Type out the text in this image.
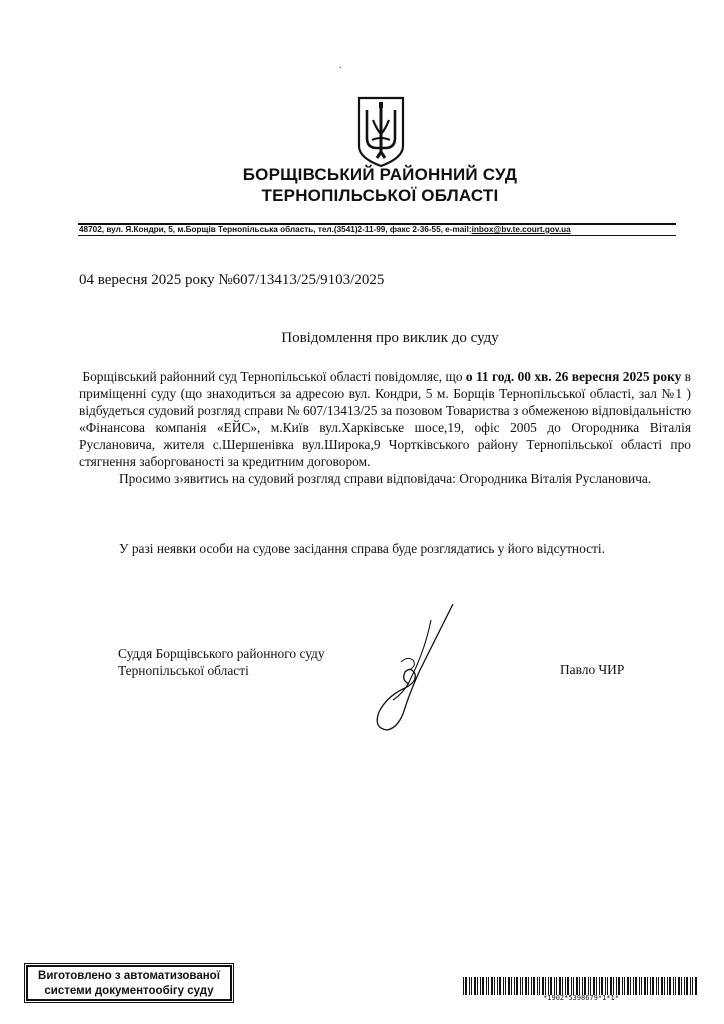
.
БОРЩІВСЬКИЙ РАЙОННИЙ СУД
ТЕРНОПІЛЬСЬКОЇ ОБЛАСТІ
48702, вул. Я.Кондри, 5, м.Борщів Тернопільська область, тел.(3541)2-11-99, факс 2-36-55, e-mail:inbox@bv.te.court.gov.ua
04 вересня 2025 року №607/13413/25/9103/2025
Повідомлення про виклик до суду

Борщівський районний суд Тернопільської області повідомляє, що о 11 год. 00 хв. 26 вересня 2025 року в приміщенні суду (що знаходиться за адресою вул. Кондри, 5 м. Борщів Тернопільської області, зал №1 ) відбудеться судовий розгляд справи № 607/13413/25 за позовом Товариства з обмеженою відповідальністю «Фінансова компанія «ЕЙС», м.Київ вул.Харківське шосе,19, офіс 2005 до Огородника Віталія Руслановича, жителя с.Шершенівка вул.Широка,9 Чортківського району Тернопільської області про стягнення заборгованості за кредитним договором.

Просимо з›явитись на судовий розгляд справи відповідача: Огородника Віталія Руслановича.

У разі неявки особи на судове засідання справа буде розглядатись у його відсутності.
Суддя Борщівського районного суду
Тернопільської області	Павло ЧИР
Виготовлено з автоматизованої
системи документообігу суду
*1902*5398679*1*1*
